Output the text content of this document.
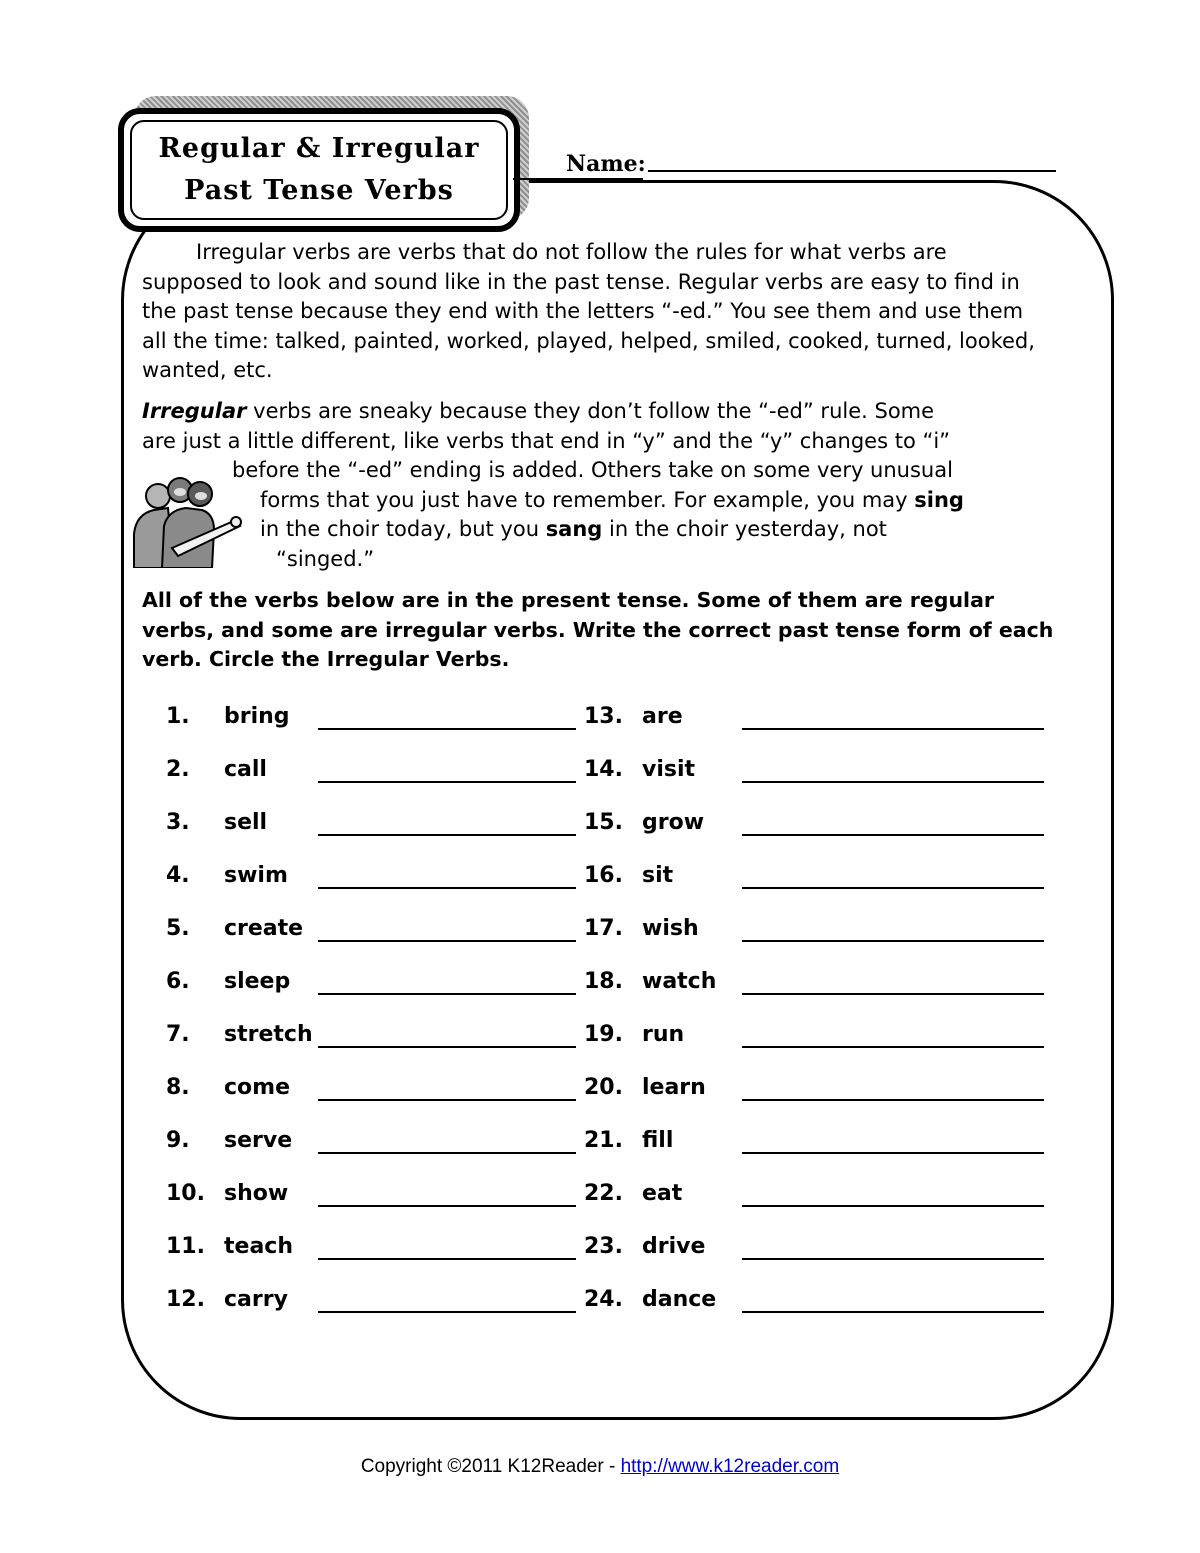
Regular & Irregular
Past Tense Verbs
Name:

Irregular verbs are verbs that do not follow the rules for what verbs are supposed to look and sound like in the past tense. Regular verbs are easy to find in the past tense because they end with the letters “-ed.” You see them and use them all the time: talked, painted, worked, played, helped, smiled, cooked, turned, looked, wanted, etc.

Irregular verbs are sneaky because they don’t follow the “-ed” rule. Some
are just a little different, like verbs that end in “y” and the “y” changes to “i”
before the “-ed” ending is added. Others take on some very unusual
forms that you just have to remember. For example, you may sing
in the choir today, but you sang in the choir yesterday, not
“singed.”

All of the verbs below are in the present tense. Some of them are regular verbs, and some are irregular verbs. Write the correct past tense form of each verb. Circle the Irregular Verbs.

1.	bring
2.	call
3.	sell
4.	swim
5.	create
6.	sleep
7.	stretch
8.	come
9.	serve
10. show
11. teach
12. carry
13. are
14. visit
15. grow
16. sit
17. wish
18. watch
19. run
20. learn
21. fill
22. eat
23. drive
24. dance
Copyright ©2011 K12Reader - http://www.k12reader.com
